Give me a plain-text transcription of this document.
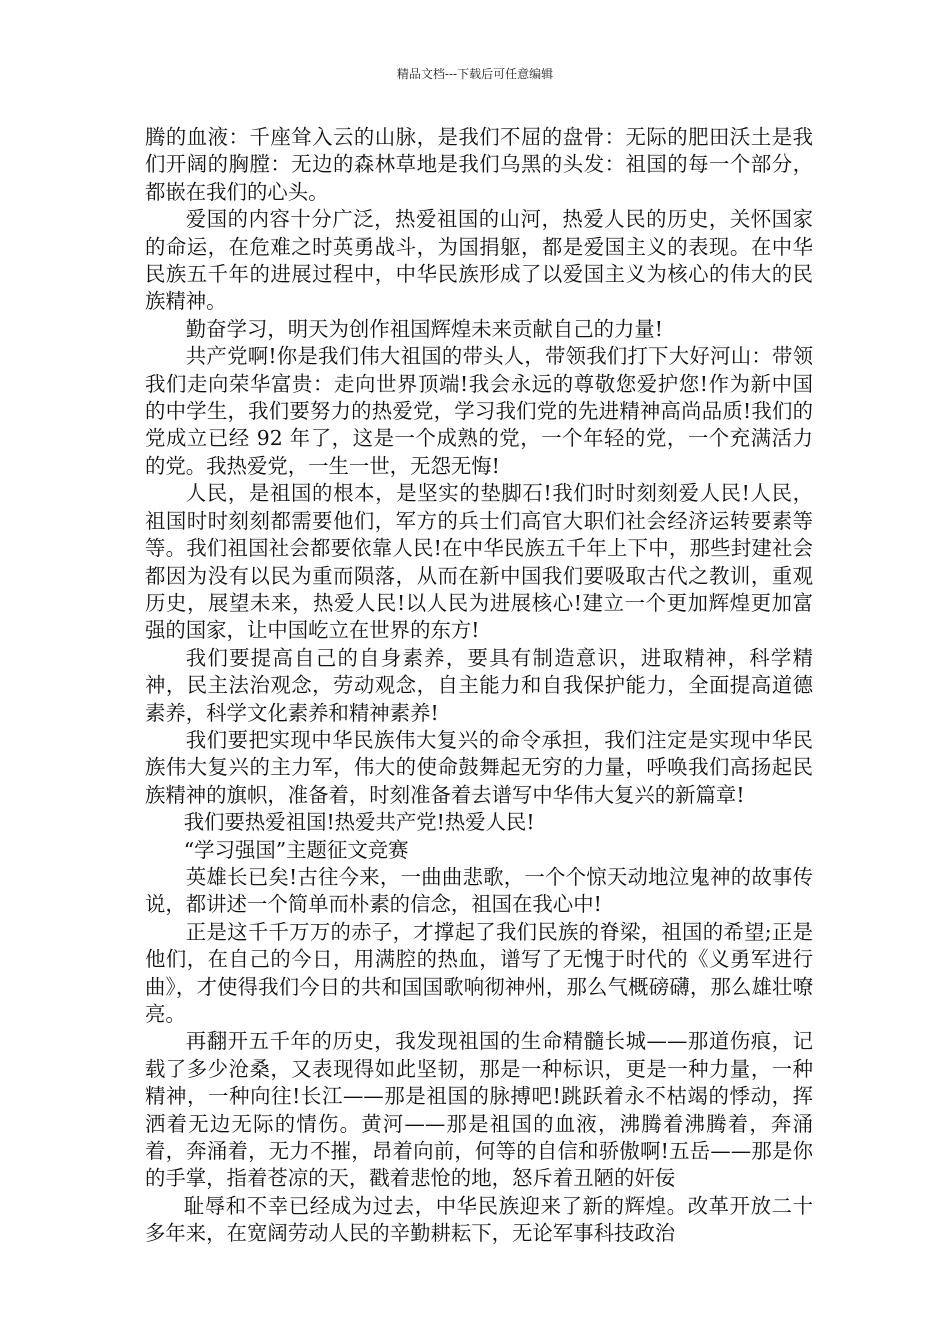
精品文档---下载后可任意编辑

腾的血液：千座耸入云的山脉，是我们不屈的盘骨：无际的肥田沃土是我们开阔的胸膛：无边的森林草地是我们乌黑的头发：祖国的每一个部分，都嵌在我们的心头。

爱国的内容十分广泛，热爱祖国的山河，热爱人民的历史，关怀国家的命运，在危难之时英勇战斗，为国捐躯，都是爱国主义的表现。在中华民族五千年的进展过程中，中华民族形成了以爱国主义为核心的伟大的民族精神。

勤奋学习，明天为创作祖国辉煌未来贡献自己的力量!

共产党啊!你是我们伟大祖国的带头人，带领我们打下大好河山：带领我们走向荣华富贵：走向世界顶端!我会永远的尊敬您爱护您!作为新中国的中学生，我们要努力的热爱党，学习我们党的先进精神高尚品质!我们的党成立已经 92 年了，这是一个成熟的党，一个年轻的党，一个充满活力的党。我热爱党，一生一世，无怨无悔!

人民，是祖国的根本，是坚实的垫脚石!我们时时刻刻爱人民!人民，祖国时时刻刻都需要他们，军方的兵士们高官大职们社会经济运转要素等等。我们祖国社会都要依靠人民!在中华民族五千年上下中，那些封建社会都因为没有以民为重而陨落，从而在新中国我们要吸取古代之教训，重观历史，展望未来，热爱人民!以人民为进展核心!建立一个更加辉煌更加富强的国家，让中国屹立在世界的东方!

我们要提高自己的自身素养，要具有制造意识，进取精神，科学精神，民主法治观念，劳动观念，自主能力和自我保护能力，全面提高道德素养，科学文化素养和精神素养!

我们要把实现中华民族伟大复兴的命令承担，我们注定是实现中华民族伟大复兴的主力军，伟大的使命鼓舞起无穷的力量，呼唤我们高扬起民族精神的旗帜，准备着，时刻准备着去谱写中华伟大复兴的新篇章!

我们要热爱祖国!热爱共产党!热爱人民!

“学习强国”主题征文竞赛

英雄长已矣!古往今来，一曲曲悲歌，一个个惊天动地泣鬼神的故事传说，都讲述一个简单而朴素的信念，祖国在我心中!

正是这千千万万的赤子，才撑起了我们民族的脊梁，祖国的希望;正是他们，在自己的今日，用满腔的热血，谱写了无愧于时代的《义勇军进行曲》，才使得我们今日的共和国国歌响彻神州，那么气概磅礴，那么雄壮嘹亮。

再翻开五千年的历史，我发现祖国的生命精髓长城——那道伤痕，记载了多少沧桑，又表现得如此坚韧，那是一种标识，更是一种力量，一种精神，一种向往!长江——那是祖国的脉搏吧!跳跃着永不枯竭的悸动，挥洒着无边无际的情伤。黄河——那是祖国的血液，沸腾着沸腾着，奔涌着，奔涌着，无力不摧，昂着向前，何等的自信和骄傲啊!五岳——那是你的手掌，指着苍凉的天，戳着悲怆的地，怒斥着丑陋的奸佞

耻辱和不幸已经成为过去，中华民族迎来了新的辉煌。改革开放二十多年来，在宽阔劳动人民的辛勤耕耘下，无论军事科技政治
